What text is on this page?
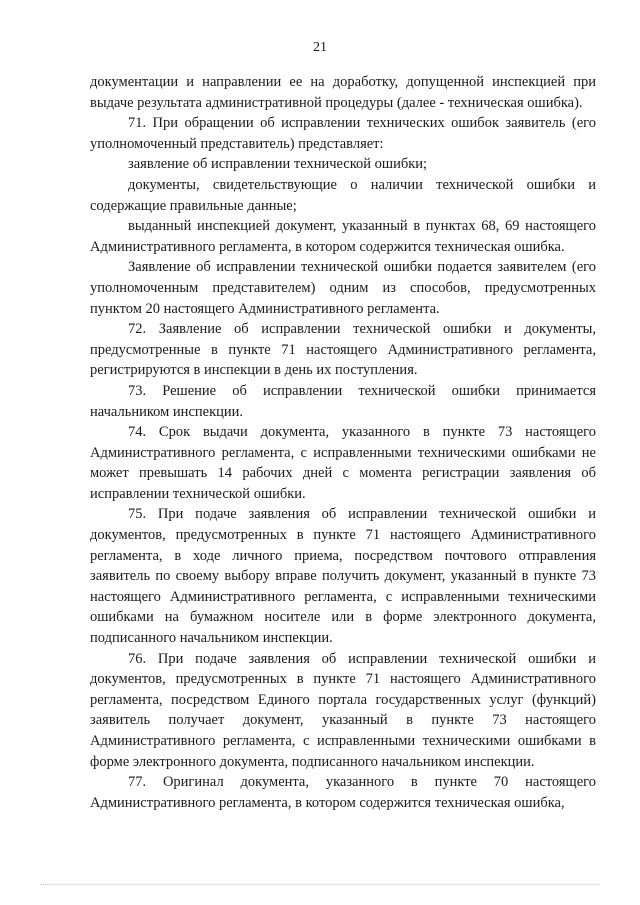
21

документации и направлении ее на доработку, допущенной инспекцией при выдаче результата административной процедуры (далее - техническая ошибка).

71. При обращении об исправлении технических ошибок заявитель (его уполномоченный представитель) представляет:

заявление об исправлении технической ошибки;

документы, свидетельствующие о наличии технической ошибки и содержащие правильные данные;

выданный инспекцией документ, указанный в пунктах 68, 69 настоящего Административного регламента, в котором содержится техническая ошибка.

Заявление об исправлении технической ошибки подается заявителем (его уполномоченным представителем) одним из способов, предусмотренных пунктом 20 настоящего Административного регламента.

72. Заявление об исправлении технической ошибки и документы, предусмотренные в пункте 71 настоящего Административного регламента, регистрируются в инспекции в день их поступления.

73. Решение об исправлении технической ошибки принимается начальником инспекции.

74. Срок выдачи документа, указанного в пункте 73 настоящего Административного регламента, с исправленными техническими ошибками не может превышать 14 рабочих дней с момента регистрации заявления об исправлении технической ошибки.

75. При подаче заявления об исправлении технической ошибки и документов, предусмотренных в пункте 71 настоящего Административного регламента, в ходе личного приема, посредством почтового отправления заявитель по своему выбору вправе получить документ, указанный в пункте 73 настоящего Административного регламента, с исправленными техническими ошибками на бумажном носителе или в форме электронного документа, подписанного начальником инспекции.

76. При подаче заявления об исправлении технической ошибки и документов, предусмотренных в пункте 71 настоящего Административного регламента, посредством Единого портала государственных услуг (функций) заявитель получает документ, указанный в пункте 73 настоящего Административного регламента, с исправленными техническими ошибками в форме электронного документа, подписанного начальником инспекции.

77. Оригинал документа, указанного в пункте 70 настоящего Административного регламента, в котором содержится техническая ошибка,
